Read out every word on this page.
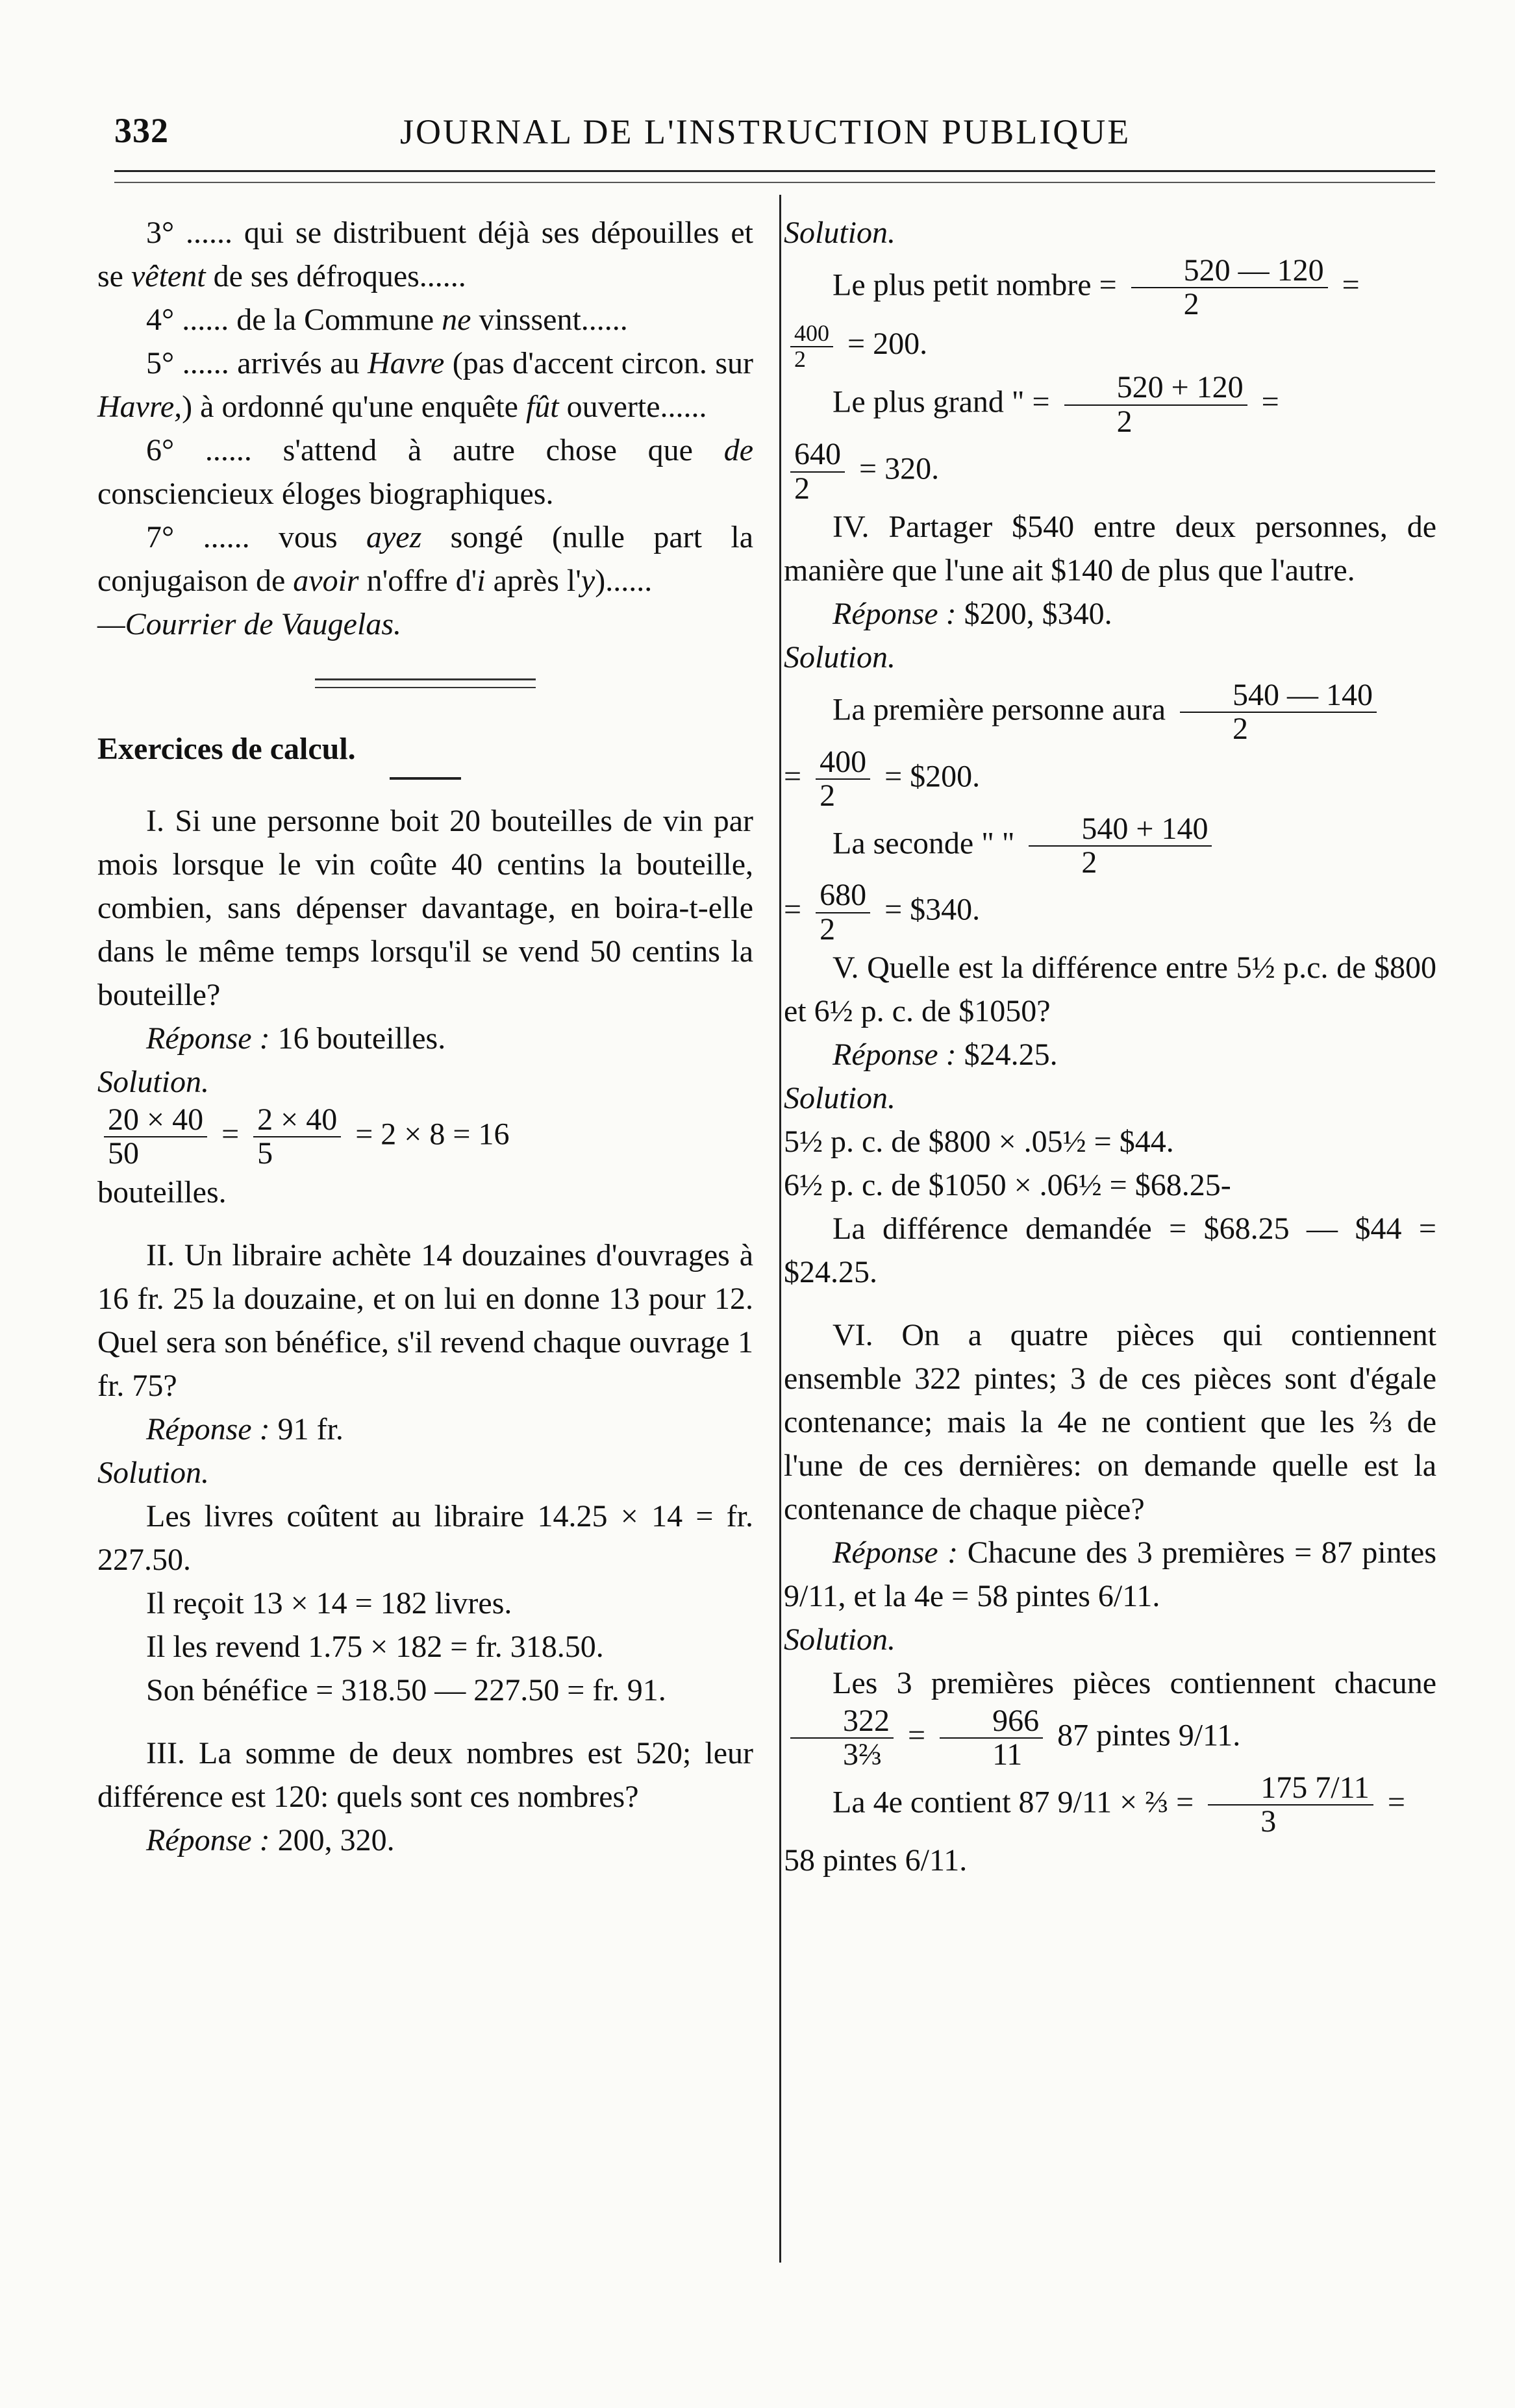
332	JOURNAL DE L'INSTRUCTION PUBLIQUE

3° ...... qui se distribuent déjà ses dépouilles et se vêtent de ses défroques......

4° ...... de la Commune ne vinssent......

5° ...... arrivés au Havre (pas d'accent circon. sur Havre,) à ordonné qu'une enquête fût ouverte......

6° ...... s'attend à autre chose que de consciencieux éloges biographiques.

7° ...... vous ayez songé (nulle part la conjugaison de avoir n'offre d'i après l'y)......

—Courrier de Vaugelas.

Exercices de calcul.

I. Si une personne boit 20 bouteilles de vin par mois lorsque le vin coûte 40 centins la bouteille, combien, sans dépenser davantage, en boira-t-elle dans le même temps lorsqu'il se vend 50 centins la bouteille?

Réponse : 16 bouteilles.

Solution.

$\frac{20 \times 40}{50} = \frac{2 \times 40}{5} = 2 \times 8 = 16$

bouteilles.

II. Un libraire achète 14 douzaines d'ouvrages à 16 fr. 25 la douzaine, et on lui en donne 13 pour 12. Quel sera son bénéfice, s'il revend chaque ouvrage 1 fr. 75?

Réponse : 91 fr.

Solution.

Les livres coûtent au libraire 14.25 × 14 = fr. 227.50.

Il reçoit 13 × 14 = 182 livres.

Il les revend 1.75 × 182 = fr. 318.50.

Son bénéfice = 318.50 — 227.50 = fr. 91.

III. La somme de deux nombres est 520; leur différence est 120: quels sont ces nombres?

Réponse : 200, 320.

Solution.

Le plus petit nombre = $\frac{520 — 120}{2}$ =

$\frac{400}{2} = 200$.

Le plus grand " = $\frac{520 + 120}{2}$ =

$\frac{640}{2} = 320$.

IV. Partager $540 entre deux personnes, de manière que l'une ait $140 de plus que l'autre.

Réponse : $200, $340.

Solution.

La première personne aura $\frac{540 — 140}{2}$

= $\frac{400}{2}$ = $200.

La seconde " " $\frac{540 + 140}{2}$

= $\frac{680}{2}$ = $340.

V. Quelle est la différence entre 5½ p.c. de $800 et 6½ p. c. de $1050?

Réponse : $24.25.

Solution.

5½ p. c. de $800 × .05½ = $44.

6½ p. c. de $1050 × .06½ = $68.25-

La différence demandée = $68.25 — $44 = $24.25.

VI. On a quatre pièces qui contiennent ensemble 322 pintes; 3 de ces pièces sont d'égale contenance; mais la 4e ne contient que les ⅔ de l'une de ces dernières: on demande quelle est la contenance de chaque pièce?

Réponse : Chacune des 3 premières = 87 pintes 9/11, et la 4e = 58 pintes 6/11.

Solution.

Les 3 premières pièces contiennent chacune
$\frac{322}{\text{3⅔}} = \frac{966}{11} 87$ pintes 9/11.

La 4e contient 87 9/11 × ⅔ = $\frac{175 7/11}{3}$ =

58 pintes 6/11.
